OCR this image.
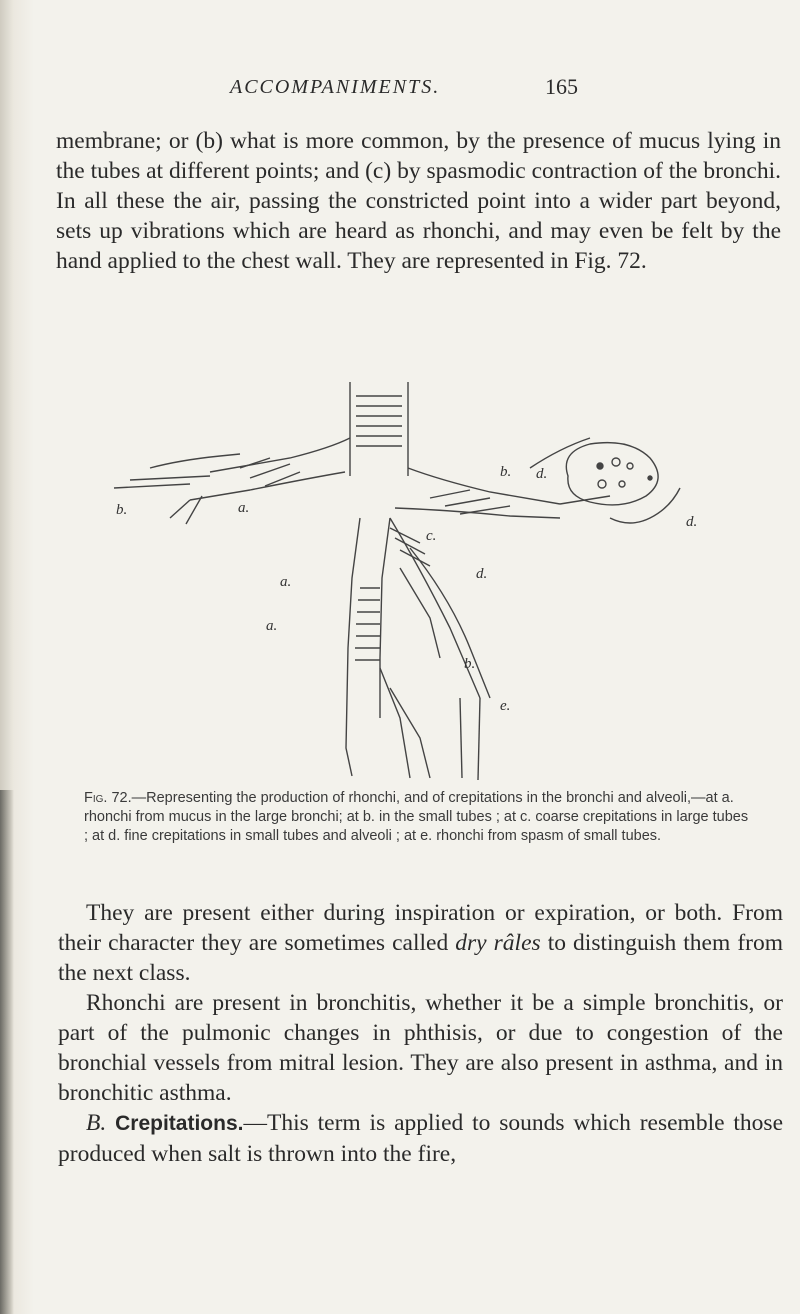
ACCOMPANIMENTS.	165

membrane; or (b) what is more common, by the presence of mucus lying in the tubes at different points; and (c) by spasmodic contraction of the bronchi. In all these the air, passing the constricted point into a wider part beyond, sets up vibrations which are heard as rhonchi, and may even be felt by the hand applied to the chest wall. They are represented in Fig. 72.

b.	a.
b. d.
d.
d.
c.
a.
a.
b.
e.

Fig. 72.—Representing the production of rhonchi, and of crepitations in the bronchi and alveoli,—at a. rhonchi from mucus in the large bronchi; at b. in the small tubes ; at c. coarse crepitations in large tubes ; at d. fine crepitations in small tubes and alveoli ; at e. rhonchi from spasm of small tubes.

They are present either during inspiration or expiration, or both. From their character they are sometimes called dry râles to distinguish them from the next class.

Rhonchi are present in bronchitis, whether it be a simple bronchitis, or part of the pulmonic changes in phthisis, or due to congestion of the bronchial vessels from mitral lesion. They are also present in asthma, and in bronchitic asthma.

B. Crepitations.—This term is applied to sounds which resemble those produced when salt is thrown into the fire,
